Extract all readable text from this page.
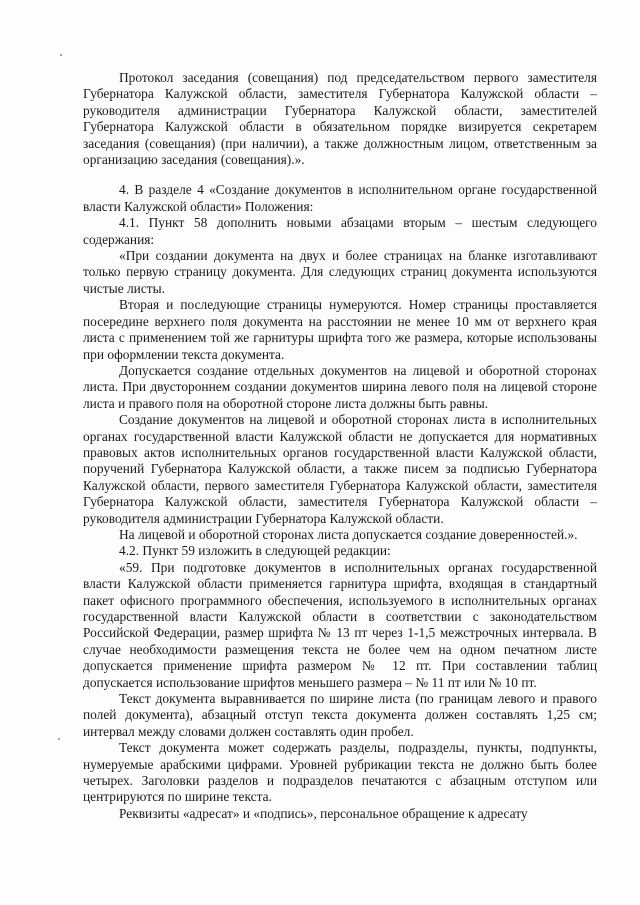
Протокол заседания (совещания) под председательством первого заместителя Губернатора Калужской области, заместителя Губернатора Калужской области – руководителя администрации Губернатора Калужской области, заместителей Губернатора Калужской области в обязательном порядке визируется секретарем заседания (совещания) (при наличии), а также должностным лицом, ответственным за организацию заседания (совещания).».

4. В разделе 4 «Создание документов в исполнительном органе государственной власти Калужской области» Положения:

4.1. Пункт 58 дополнить новыми абзацами вторым – шестым следующего содержания:

«При создании документа на двух и более страницах на бланке изготавливают только первую страницу документа. Для следующих страниц документа используются чистые листы.

Вторая и последующие страницы нумеруются. Номер страницы проставляется посередине верхнего поля документа на расстоянии не менее 10 мм от верхнего края листа с применением той же гарнитуры шрифта того же размера, которые использованы при оформлении текста документа.

Допускается создание отдельных документов на лицевой и оборотной сторонах листа. При двустороннем создании документов ширина левого поля на лицевой стороне листа и правого поля на оборотной стороне листа должны быть равны.

Создание документов на лицевой и оборотной сторонах листа в исполнительных органах государственной власти Калужской области не допускается для нормативных правовых актов исполнительных органов государственной власти Калужской области, поручений Губернатора Калужской области, а также писем за подписью Губернатора Калужской области, первого заместителя Губернатора Калужской области, заместителя Губернатора Калужской области, заместителя Губернатора Калужской области – руководителя администрации Губернатора Калужской области.

На лицевой и оборотной сторонах листа допускается создание доверенностей.».

4.2. Пункт 59 изложить в следующей редакции:

«59. При подготовке документов в исполнительных органах государственной власти Калужской области применяется гарнитура шрифта, входящая в стандартный пакет офисного программного обеспечения, используемого в исполнительных органах государственной власти Калужской области в соответствии с законодательством Российской Федерации, размер шрифта № 13 пт через 1-1,5 межстрочных интервала. В случае необходимости размещения текста не более чем на одном печатном листе допускается применение шрифта размером № 12 пт. При составлении таблиц допускается использование шрифтов меньшего размера – № 11 пт или № 10 пт.

Текст документа выравнивается по ширине листа (по границам левого и правого полей документа), абзацный отступ текста документа должен составлять 1,25 см; интервал между словами должен составлять один пробел.

Текст документа может содержать разделы, подразделы, пункты, подпункты, нумеруемые арабскими цифрами. Уровней рубрикации текста не должно быть более четырех. Заголовки разделов и подразделов печатаются с абзацным отступом или центрируются по ширине текста.

Реквизиты «адресат» и «подпись», персональное обращение к адресату
